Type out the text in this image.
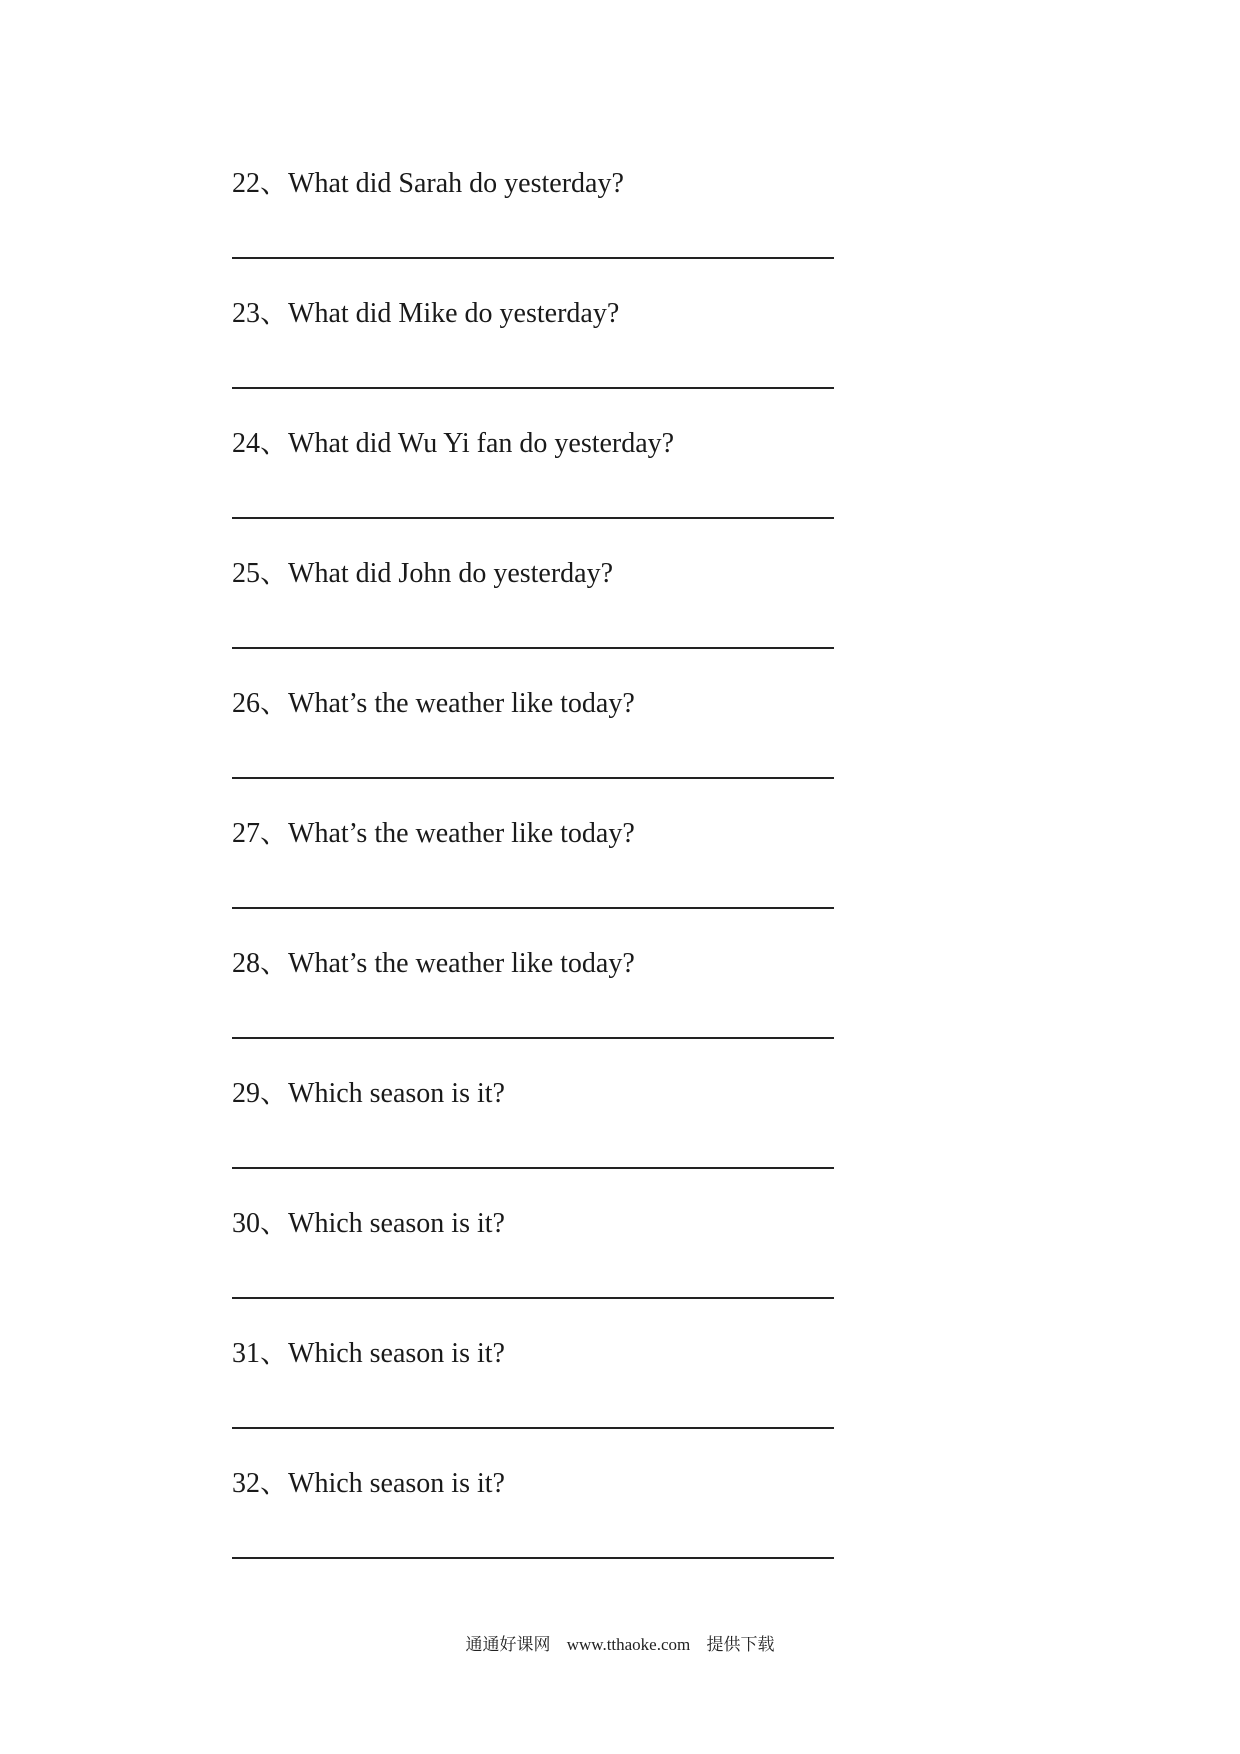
22、What did Sarah do yesterday?
23、What did Mike do yesterday?
24、What did Wu Yi fan do yesterday?
25、What did John do yesterday?
26、What’s the weather like today?
27、What’s the weather like today?
28、What’s the weather like today?
29、Which season is it?
30、Which season is it?
31、Which season is it?
32、Which season is it?
通通好课网 www.tthaoke.com 提供下载
